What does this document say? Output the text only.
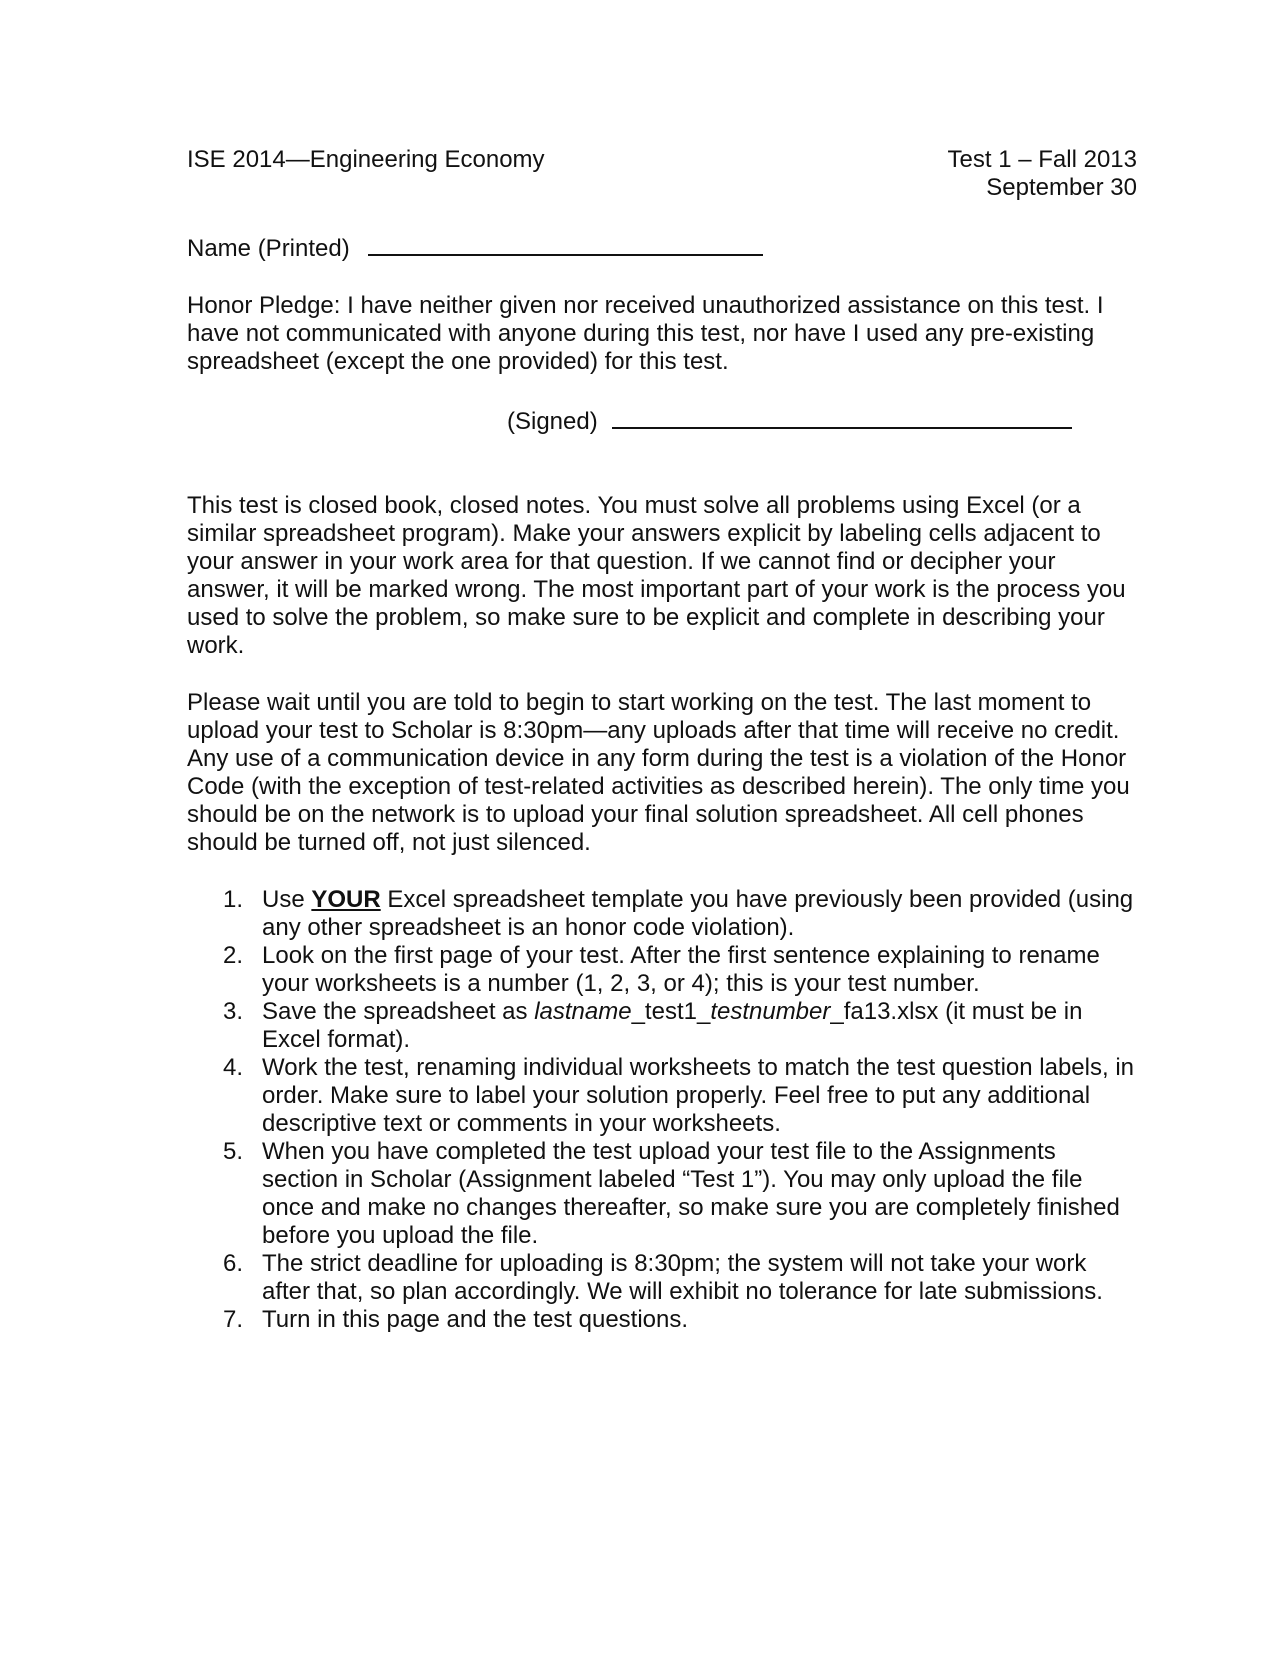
ISE 2014—Engineering Economy	Test 1 – Fall 2013
September 30
Name (Printed)
Honor Pledge: I have neither given nor received unauthorized assistance on this test. I have not communicated with anyone during this test, nor have I used any pre-existing spreadsheet (except the one provided) for this test.
(Signed)
This test is closed book, closed notes. You must solve all problems using Excel (or a similar spreadsheet program). Make your answers explicit by labeling cells adjacent to your answer in your work area for that question. If we cannot find or decipher your answer, it will be marked wrong. The most important part of your work is the process you used to solve the problem, so make sure to be explicit and complete in describing your work.
Please wait until you are told to begin to start working on the test. The last moment to upload your test to Scholar is 8:30pm—any uploads after that time will receive no credit. Any use of a communication device in any form during the test is a violation of the Honor Code (with the exception of test-related activities as described herein). The only time you should be on the network is to upload your final solution spreadsheet. All cell phones should be turned off, not just silenced.
1. Use YOUR Excel spreadsheet template you have previously been provided (using any other spreadsheet is an honor code violation).
2. Look on the first page of your test. After the first sentence explaining to rename your worksheets is a number (1, 2, 3, or 4); this is your test number.
3. Save the spreadsheet as lastname_test1_testnumber_fa13.xlsx (it must be in Excel format).
4. Work the test, renaming individual worksheets to match the test question labels, in order. Make sure to label your solution properly. Feel free to put any additional descriptive text or comments in your worksheets.
5. When you have completed the test upload your test file to the Assignments section in Scholar (Assignment labeled “Test 1”). You may only upload the file once and make no changes thereafter, so make sure you are completely finished before you upload the file.
6. The strict deadline for uploading is 8:30pm; the system will not take your work after that, so plan accordingly. We will exhibit no tolerance for late submissions.
7. Turn in this page and the test questions.
